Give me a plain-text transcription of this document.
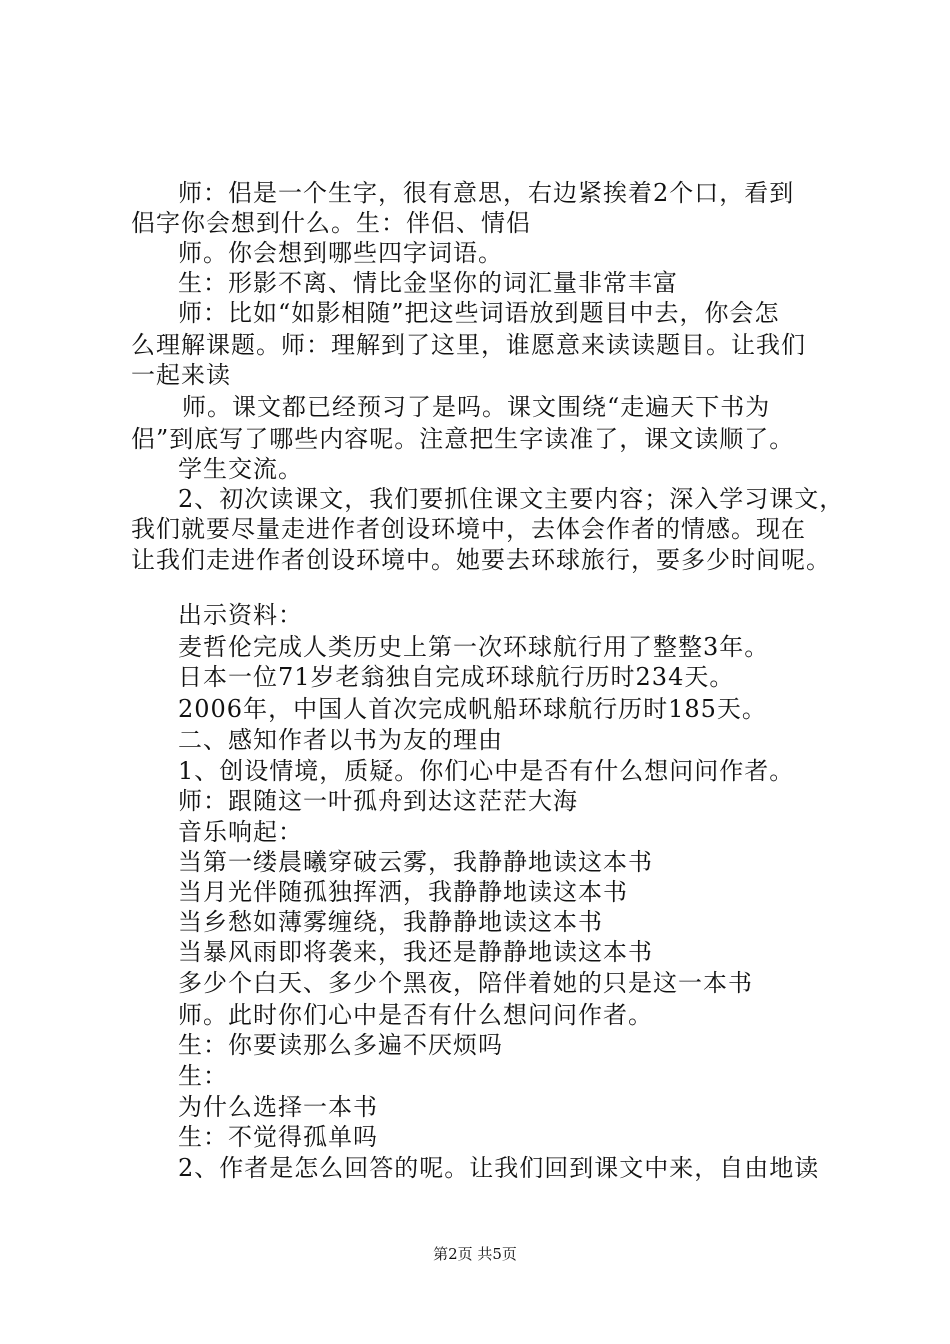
师：侣是一个生字，很有意思，右边紧挨着2个口，看到
侣字你会想到什么。生：伴侣、情侣
师。你会想到哪些四字词语。
生：形影不离、情比金坚你的词汇量非常丰富
师：比如“如影相随”把这些词语放到题目中去，你会怎
么理解课题。师：理解到了这里，谁愿意来读读题目。让我们
一起来读
师。课文都已经预习了是吗。课文围绕“走遍天下书为
侣”到底写了哪些内容呢。注意把生字读准了，课文读顺了。
学生交流。
2、初次读课文，我们要抓住课文主要内容；深入学习课文，
我们就要尽量走进作者创设环境中，去体会作者的情感。现在
让我们走进作者创设环境中。她要去环球旅行，要多少时间呢。
出示资料：
麦哲伦完成人类历史上第一次环球航行用了整整3年。
日本一位71岁老翁独自完成环球航行历时234天。
2006年，中国人首次完成帆船环球航行历时185天。
二、感知作者以书为友的理由
1、创设情境，质疑。你们心中是否有什么想问问作者。
师：跟随这一叶孤舟到达这茫茫大海
音乐响起：
当第一缕晨曦穿破云雾，我静静地读这本书
当月光伴随孤独挥洒，我静静地读这本书
当乡愁如薄雾缠绕，我静静地读这本书
当暴风雨即将袭来，我还是静静地读这本书
多少个白天、多少个黑夜，陪伴着她的只是这一本书
师。此时你们心中是否有什么想问问作者。
生：你要读那么多遍不厌烦吗
生：
为什么选择一本书
生：不觉得孤单吗
2、作者是怎么回答的呢。让我们回到课文中来，自由地读
第2页 共5页
